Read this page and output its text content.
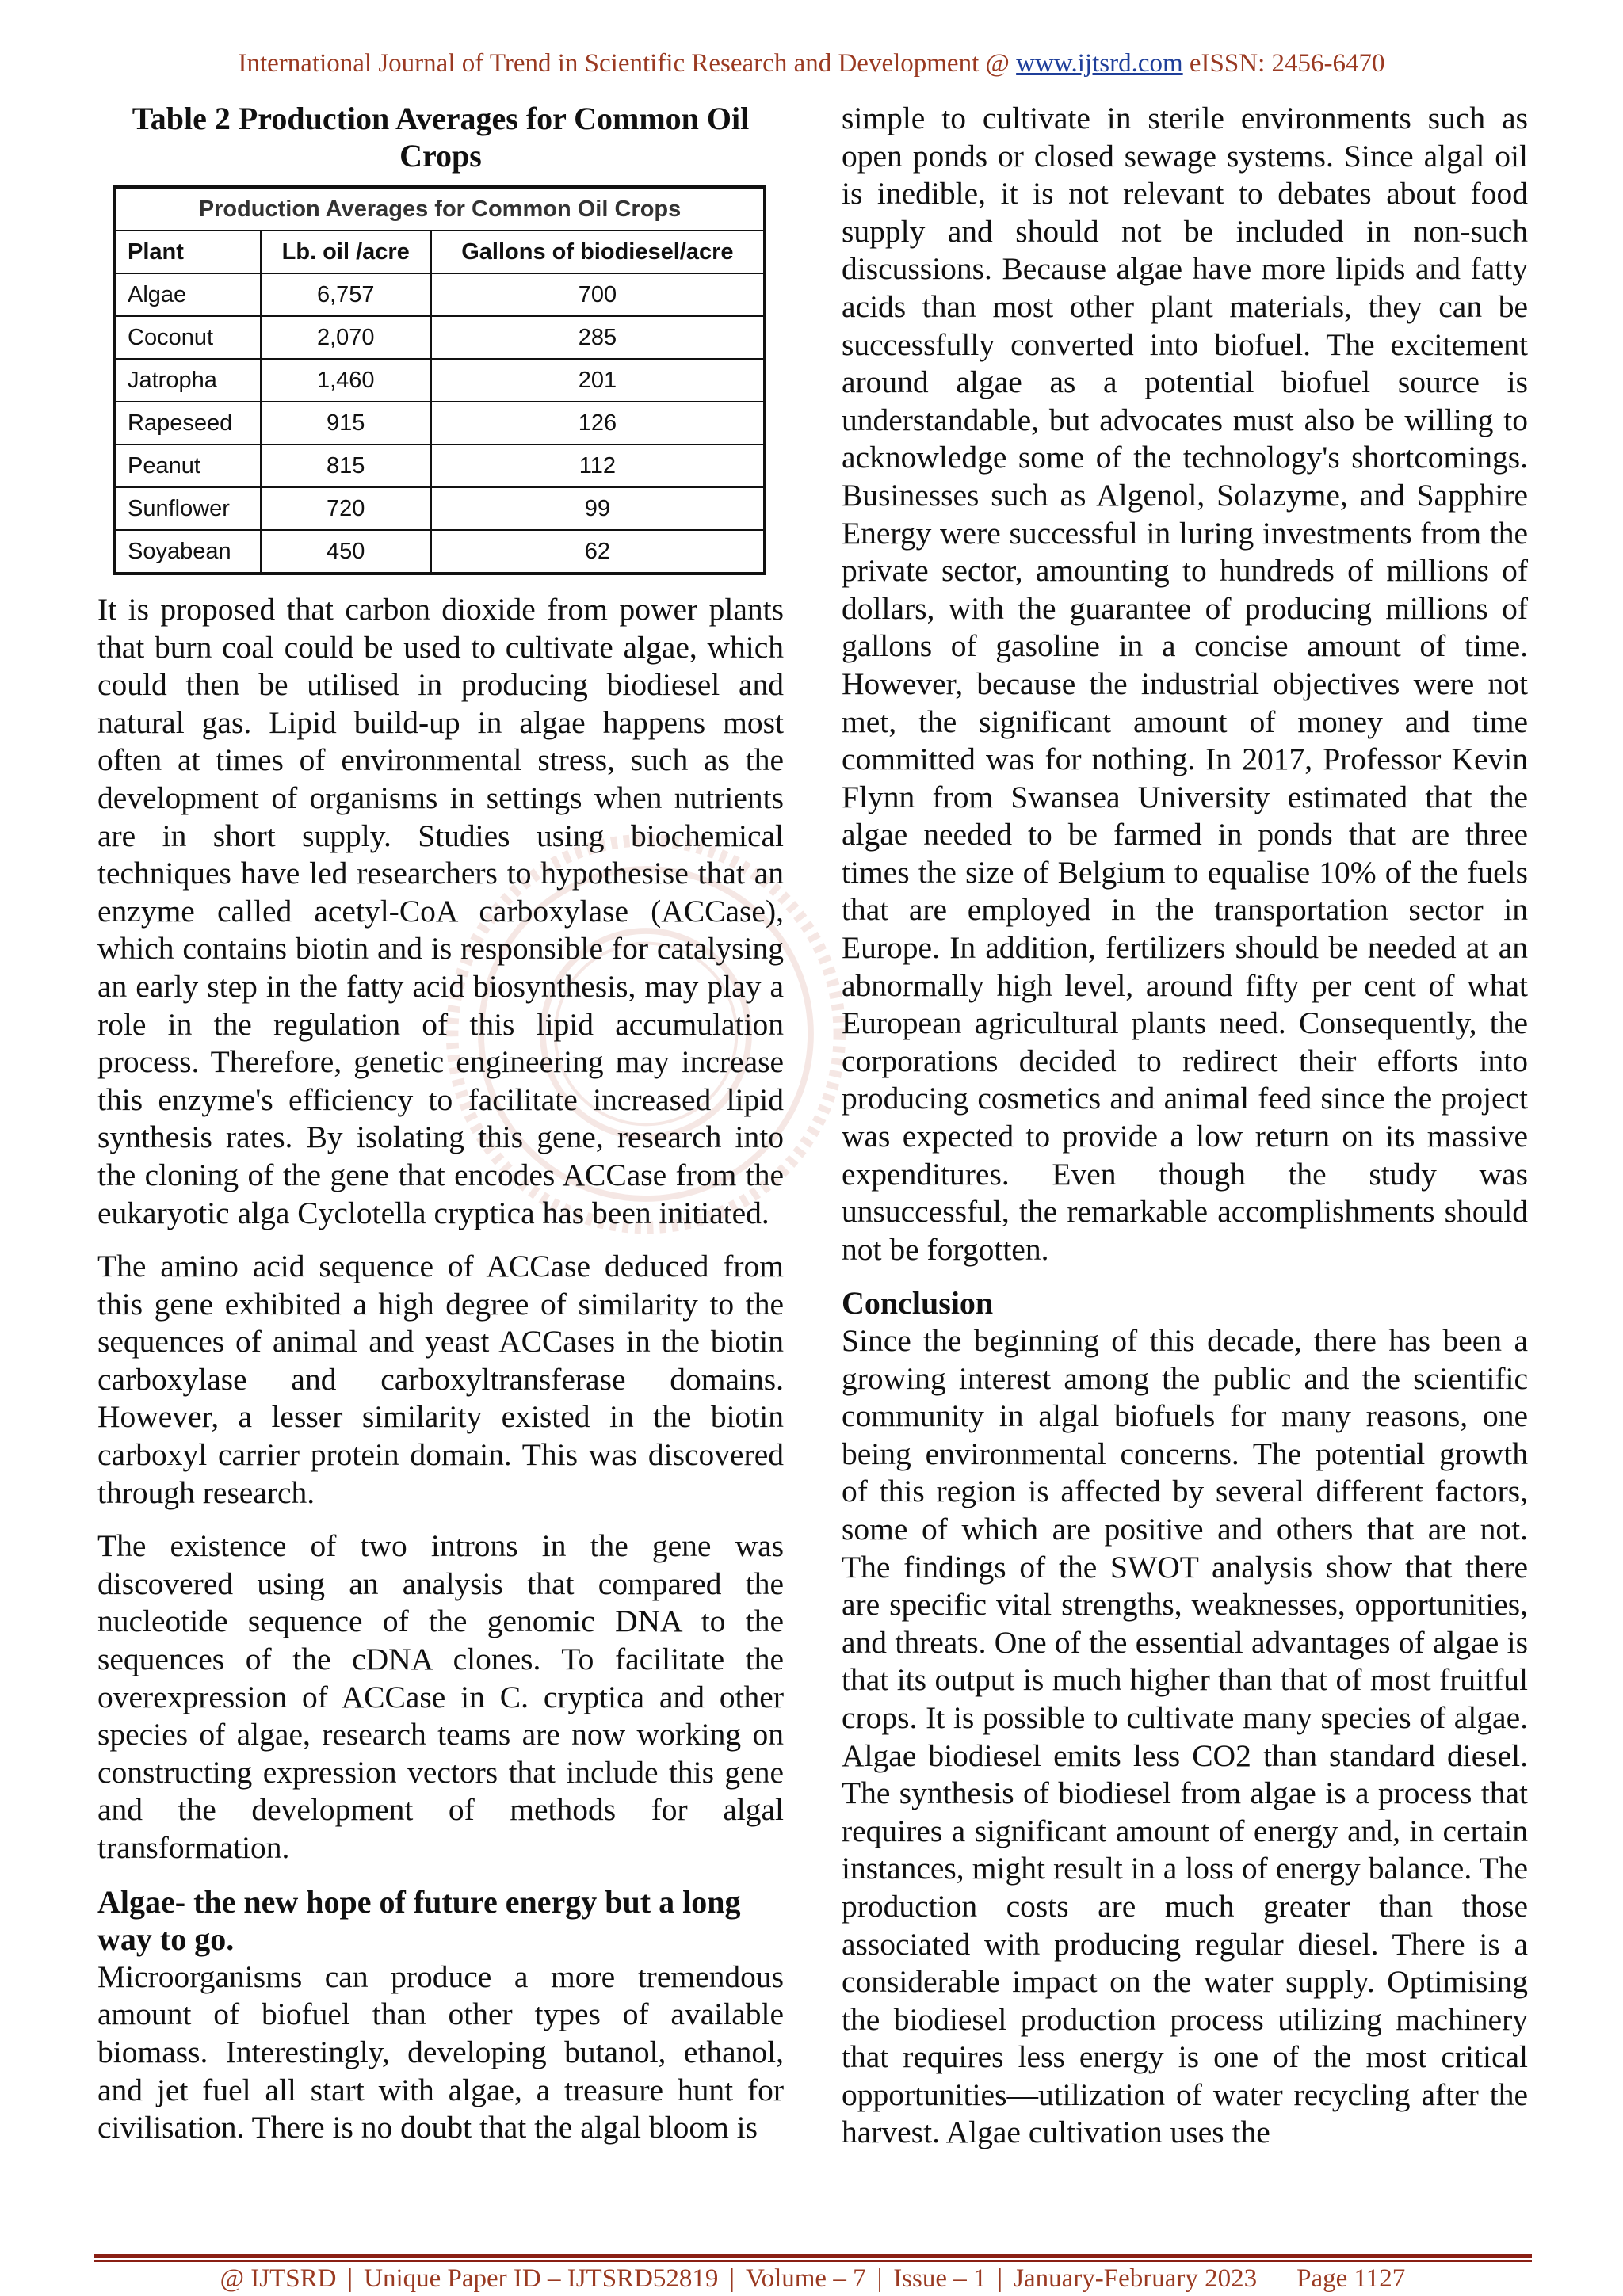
International Journal of Trend in Scientific Research and Development @ www.ijtsrd.com eISSN: 2456-6470
Table 2 Production Averages for Common Oil Crops
Production Averages for Common Oil Crops		
Plant	Lb. oil /acre	Gallons of biodiesel/acre
Algae	6,757	700
Coconut	2,070	285
Jatropha	1,460	201
Rapeseed	915	126
Peanut	815	112
Sunflower	720	99
Soyabean	450	62

It is proposed that carbon dioxide from power plants that burn coal could be used to cultivate algae, which could then be utilised in producing biodiesel and natural gas. Lipid build-up in algae happens most often at times of environmental stress, such as the development of organisms in settings when nutrients are in short supply. Studies using biochemical techniques have led researchers to hypothesise that an enzyme called acetyl-CoA carboxylase (ACCase), which contains biotin and is responsible for catalysing an early step in the fatty acid biosynthesis, may play a role in the regulation of this lipid accumulation process. Therefore, genetic engineering may increase this enzyme's efficiency to facilitate increased lipid synthesis rates. By isolating this gene, research into the cloning of the gene that encodes ACCase from the eukaryotic alga Cyclotella cryptica has been initiated.

The amino acid sequence of ACCase deduced from this gene exhibited a high degree of similarity to the sequences of animal and yeast ACCases in the biotin carboxylase and carboxyltransferase domains. However, a lesser similarity existed in the biotin carboxyl carrier protein domain. This was discovered through research.

The existence of two introns in the gene was discovered using an analysis that compared the nucleotide sequence of the genomic DNA to the sequences of the cDNA clones. To facilitate the overexpression of ACCase in C. cryptica and other species of algae, research teams are now working on constructing expression vectors that include this gene and the development of methods for algal transformation.

Algae- the new hope of future energy but a long way to go.

Microorganisms can produce a more tremendous amount of biofuel than other types of available biomass. Interestingly, developing butanol, ethanol, and jet fuel all start with algae, a treasure hunt for civilisation. There is no doubt that the algal bloom is

simple to cultivate in sterile environments such as open ponds or closed sewage systems. Since algal oil is inedible, it is not relevant to debates about food supply and should not be included in non-such discussions. Because algae have more lipids and fatty acids than most other plant materials, they can be successfully converted into biofuel. The excitement around algae as a potential biofuel source is understandable, but advocates must also be willing to acknowledge some of the technology's shortcomings. Businesses such as Algenol, Solazyme, and Sapphire Energy were successful in luring investments from the private sector, amounting to hundreds of millions of dollars, with the guarantee of producing millions of gallons of gasoline in a concise amount of time. However, because the industrial objectives were not met, the significant amount of money and time committed was for nothing. In 2017, Professor Kevin Flynn from Swansea University estimated that the algae needed to be farmed in ponds that are three times the size of Belgium to equalise 10% of the fuels that are employed in the transportation sector in Europe. In addition, fertilizers should be needed at an abnormally high level, around fifty per cent of what European agricultural plants need. Consequently, the corporations decided to redirect their efforts into producing cosmetics and animal feed since the project was expected to provide a low return on its massive expenditures. Even though the study was unsuccessful, the remarkable accomplishments should not be forgotten.

Conclusion

Since the beginning of this decade, there has been a growing interest among the public and the scientific community in algal biofuels for many reasons, one being environmental concerns. The potential growth of this region is affected by several different factors, some of which are positive and others that are not. The findings of the SWOT analysis show that there are specific vital strengths, weaknesses, opportunities, and threats. One of the essential advantages of algae is that its output is much higher than that of most fruitful crops. It is possible to cultivate many species of algae. Algae biodiesel emits less CO2 than standard diesel. The synthesis of biodiesel from algae is a process that requires a significant amount of energy and, in certain instances, might result in a loss of energy balance. The production costs are much greater than those associated with producing regular diesel. There is a considerable impact on the water supply. Optimising the biodiesel production process utilizing machinery that requires less energy is one of the most critical opportunities—utilization of water recycling after the harvest. Algae cultivation uses the

@ IJTSRD | Unique Paper ID – IJTSRD52819 | Volume – 7 | Issue – 1 | January-February 2023 Page 1127
